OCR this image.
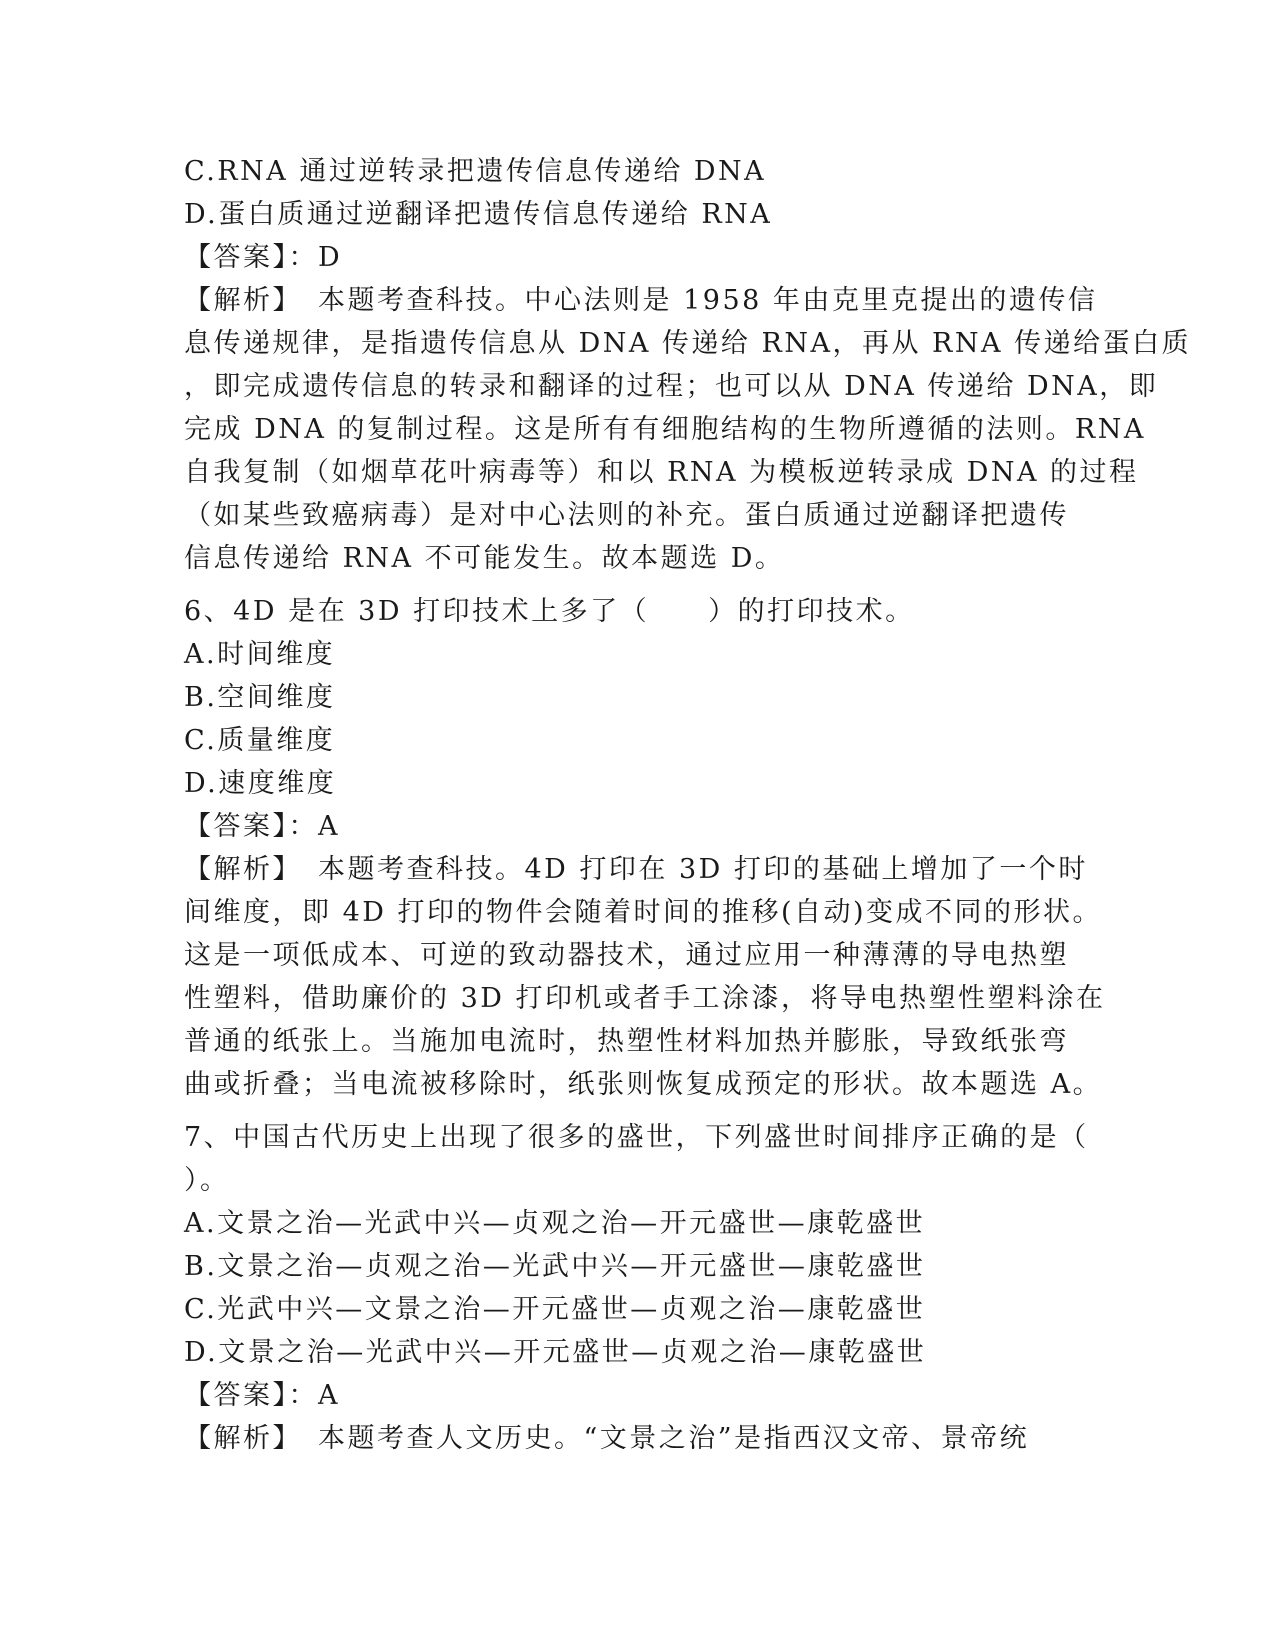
C.RNA 通过逆转录把遗传信息传递给 DNA
D.蛋白质通过逆翻译把遗传信息传递给 RNA
【答案】：D
【解析】　本题考查科技。中心法则是 1958 年由克里克提出的遗传信
息传递规律，是指遗传信息从 DNA 传递给 RNA，再从 RNA 传递给蛋白质
，即完成遗传信息的转录和翻译的过程；也可以从 DNA 传递给 DNA，即
完成 DNA 的复制过程。这是所有有细胞结构的生物所遵循的法则。RNA
自我复制（如烟草花叶病毒等）和以 RNA 为模板逆转录成 DNA 的过程
（如某些致癌病毒）是对中心法则的补充。蛋白质通过逆翻译把遗传
信息传递给 RNA 不可能发生。故本题选 D。
6、4D 是在 3D 打印技术上多了（　　）的打印技术。
A.时间维度
B.空间维度
C.质量维度
D.速度维度
【答案】：A
【解析】　本题考查科技。4D 打印在 3D 打印的基础上增加了一个时
间维度，即 4D 打印的物件会随着时间的推移(自动)变成不同的形状。
这是一项低成本、可逆的致动器技术，通过应用一种薄薄的导电热塑
性塑料，借助廉价的 3D 打印机或者手工涂漆，将导电热塑性塑料涂在
普通的纸张上。当施加电流时，热塑性材料加热并膨胀，导致纸张弯
曲或折叠；当电流被移除时，纸张则恢复成预定的形状。故本题选 A。
7、中国古代历史上出现了很多的盛世，下列盛世时间排序正确的是（
）。
A.文景之治—光武中兴—贞观之治—开元盛世—康乾盛世
B.文景之治—贞观之治—光武中兴—开元盛世—康乾盛世
C.光武中兴—文景之治—开元盛世—贞观之治—康乾盛世
D.文景之治—光武中兴—开元盛世—贞观之治—康乾盛世
【答案】：A
【解析】　本题考查人文历史。“文景之治”是指西汉文帝、景帝统
